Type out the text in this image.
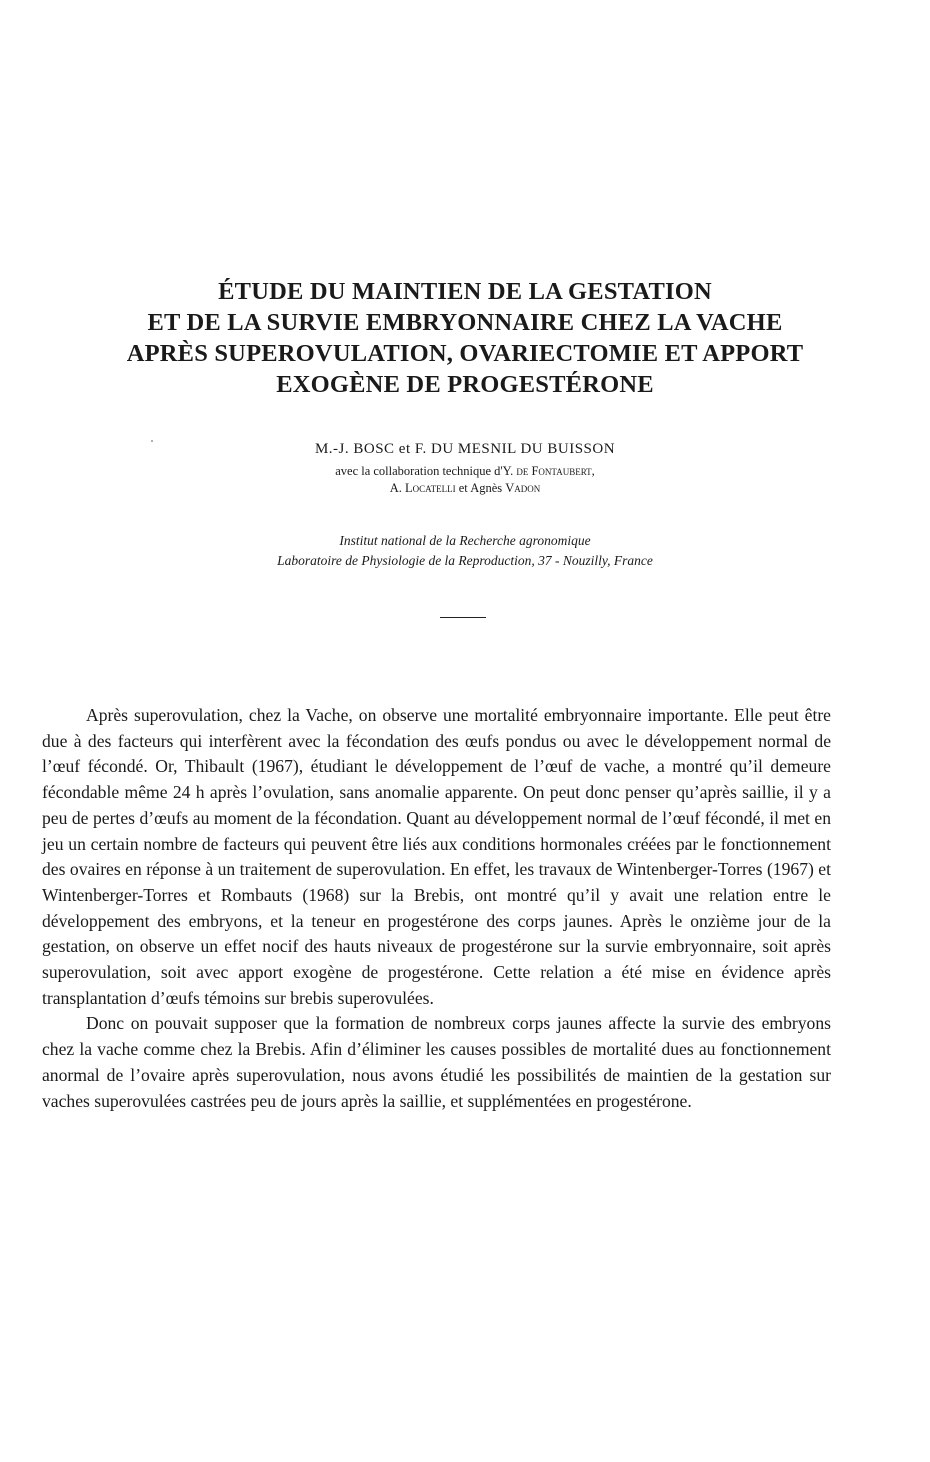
ÉTUDE DU MAINTIEN DE LA GESTATION
ET DE LA SURVIE EMBRYONNAIRE CHEZ LA VACHE
APRÈS SUPEROVULATION, OVARIECTOMIE ET APPORT
EXOGÈNE DE PROGESTÉRONE
M.-J. BOSC et F. DU MESNIL DU BUISSON
avec la collaboration technique d'Y. de Fontaubert,
A. Locatelli et Agnès Vadon
Institut national de la Recherche agronomique
Laboratoire de Physiologie de la Reproduction, 37 - Nouzilly, France

Après superovulation, chez la Vache, on observe une mortalité embryonnaire importante. Elle peut être due à des facteurs qui interfèrent avec la fécondation des œufs pondus ou avec le développement normal de l’œuf fécondé. Or, Thibault (1967), étudiant le développement de l’œuf de vache, a montré qu’il demeure fécondable même 24 h après l’ovulation, sans anomalie apparente. On peut donc penser qu’après saillie, il y a peu de pertes d’œufs au moment de la fécondation. Quant au développement normal de l’œuf fécondé, il met en jeu un certain nombre de facteurs qui peuvent être liés aux conditions hormonales créées par le fonctionnement des ovaires en réponse à un traitement de superovulation. En effet, les travaux de Wintenberger-Torres (1967) et Wintenberger-Torres et Rombauts (1968) sur la Brebis, ont montré qu’il y avait une relation entre le développement des embryons, et la teneur en progestérone des corps jaunes. Après le onzième jour de la gestation, on observe un effet nocif des hauts niveaux de progestérone sur la survie embryonnaire, soit après superovulation, soit avec apport exogène de progestérone. Cette relation a été mise en évidence après transplantation d’œufs témoins sur brebis superovulées.

Donc on pouvait supposer que la formation de nombreux corps jaunes affecte la survie des embryons chez la vache comme chez la Brebis. Afin d’éliminer les causes possibles de mortalité dues au fonctionnement anormal de l’ovaire après superovulation, nous avons étudié les possibilités de maintien de la gestation sur vaches superovulées castrées peu de jours après la saillie, et supplémentées en progestérone.
